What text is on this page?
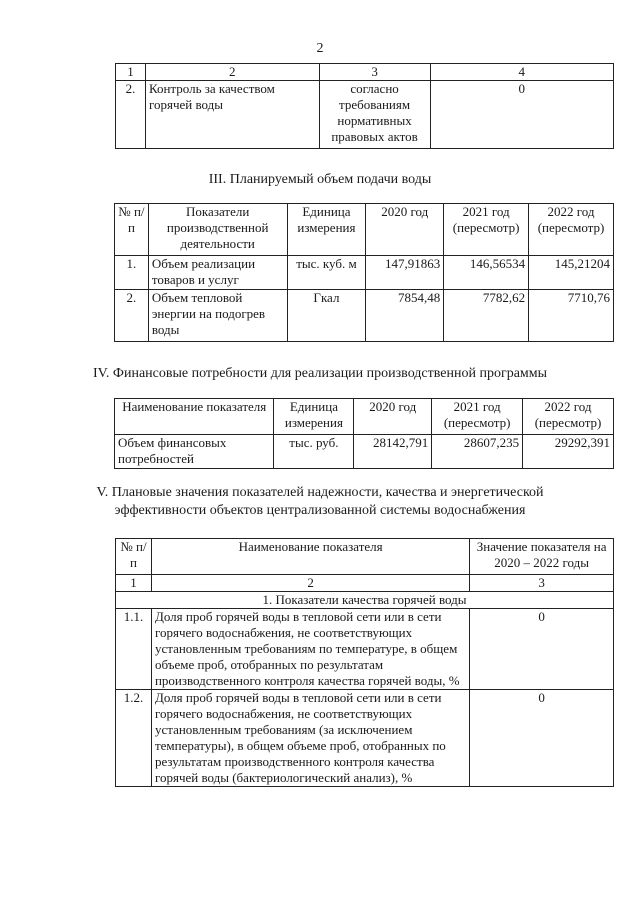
2
1	2	3	4
2.	Контроль за качеством горячей воды	согласно требованиям нормативных правовых актов	0
III. Планируемый объем подачи воды
№ п/п	Показатели производственной деятельности	Единица измерения	2020 год	2021 год (пересмотр)	2022 год (пересмотр)
1.	Объем реализации товаров и услуг	тыс. куб. м	147,91863	146,56534	145,21204
2.	Объем тепловой энергии на подогрев воды	Гкал	7854,48	7782,62	7710,76
IV. Финансовые потребности для реализации производственной программы
Наименование показателя	Единица измерения	2020 год	2021 год (пересмотр)	2022 год (пересмотр)
Объем финансовых потребностей	тыс. руб.	28142,791	28607,235	29292,391
V. Плановые значения показателей надежности, качества и энергетической
эффективности объектов централизованной системы водоснабжения
№ п/п	Наименование показателя	Значение показателя на 2020 – 2022 годы
1	2	3
1. Показатели качества горячей воды		
1.1.	Доля проб горячей воды в тепловой сети или в сети горячего водоснабжения, не соответствующих установленным требованиям по температуре, в общем объеме проб, отобранных по результатам производственного контроля качества горячей воды, %	0
1.2.	Доля проб горячей воды в тепловой сети или в сети горячего водоснабжения, не соответствующих установленным требованиям (за исключением температуры), в общем объеме проб, отобранных по результатам производственного контроля качества горячей воды (бактериологический анализ), %	0
